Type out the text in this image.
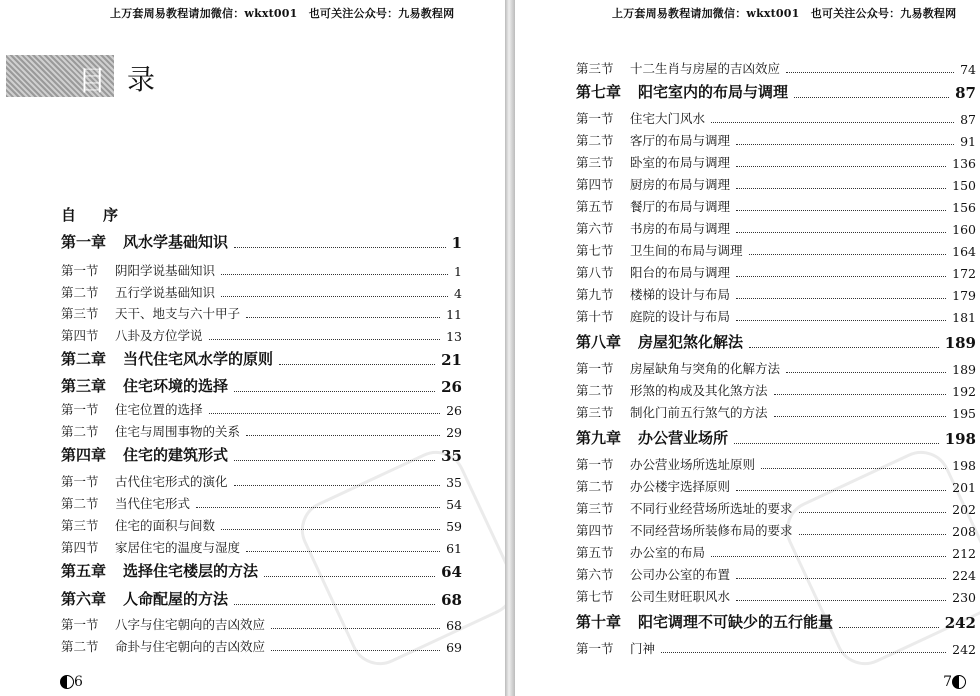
上万套周易教程请加微信：wkxt001　也可关注公众号：九易教程网
目 录
自　序
第一章 风水学基础知识	1
第一节 阴阳学说基础知识	1
第二节 五行学说基础知识	4
第三节 天干、地支与六十甲子	11
第四节 八卦及方位学说	13
第二章 当代住宅风水学的原则	21
第三章 住宅环境的选择	26
第一节 住宅位置的选择	26
第二节 住宅与周围事物的关系	29
第四章 住宅的建筑形式	35
第一节 古代住宅形式的演化	35
第二节 当代住宅形式	54
第三节 住宅的面积与间数	59
第四节 家居住宅的温度与湿度	61
第五章 选择住宅楼层的方法	64
第六章 人命配屋的方法	68
第一节 八字与住宅朝向的吉凶效应	68
第二节 命卦与住宅朝向的吉凶效应	69
6
上万套周易教程请加微信：wkxt001　也可关注公众号：九易教程网
第三节 十二生肖与房屋的吉凶效应	74
第七章 阳宅室内的布局与调理	87
第一节 住宅大门风水	87
第二节 客厅的布局与调理	91
第三节 卧室的布局与调理	136
第四节 厨房的布局与调理	150
第五节 餐厅的布局与调理	156
第六节 书房的布局与调理	160
第七节 卫生间的布局与调理	164
第八节 阳台的布局与调理	172
第九节 楼梯的设计与布局	179
第十节 庭院的设计与布局	181
第八章 房屋犯煞化解法	189
第一节 房屋缺角与突角的化解方法	189
第二节 形煞的构成及其化煞方法	192
第三节 制化门前五行煞气的方法	195
第九章 办公营业场所	198
第一节 办公营业场所选址原则	198
第二节 办公楼宇选择原则	201
第三节 不同行业经营场所选址的要求	202
第四节 不同经营场所装修布局的要求	208
第五节 办公室的布局	212
第六节 公司办公室的布置	224
第七节 公司生财旺职风水	230
第十章 阳宅调理不可缺少的五行能量	242
第一节 门神	242
7
